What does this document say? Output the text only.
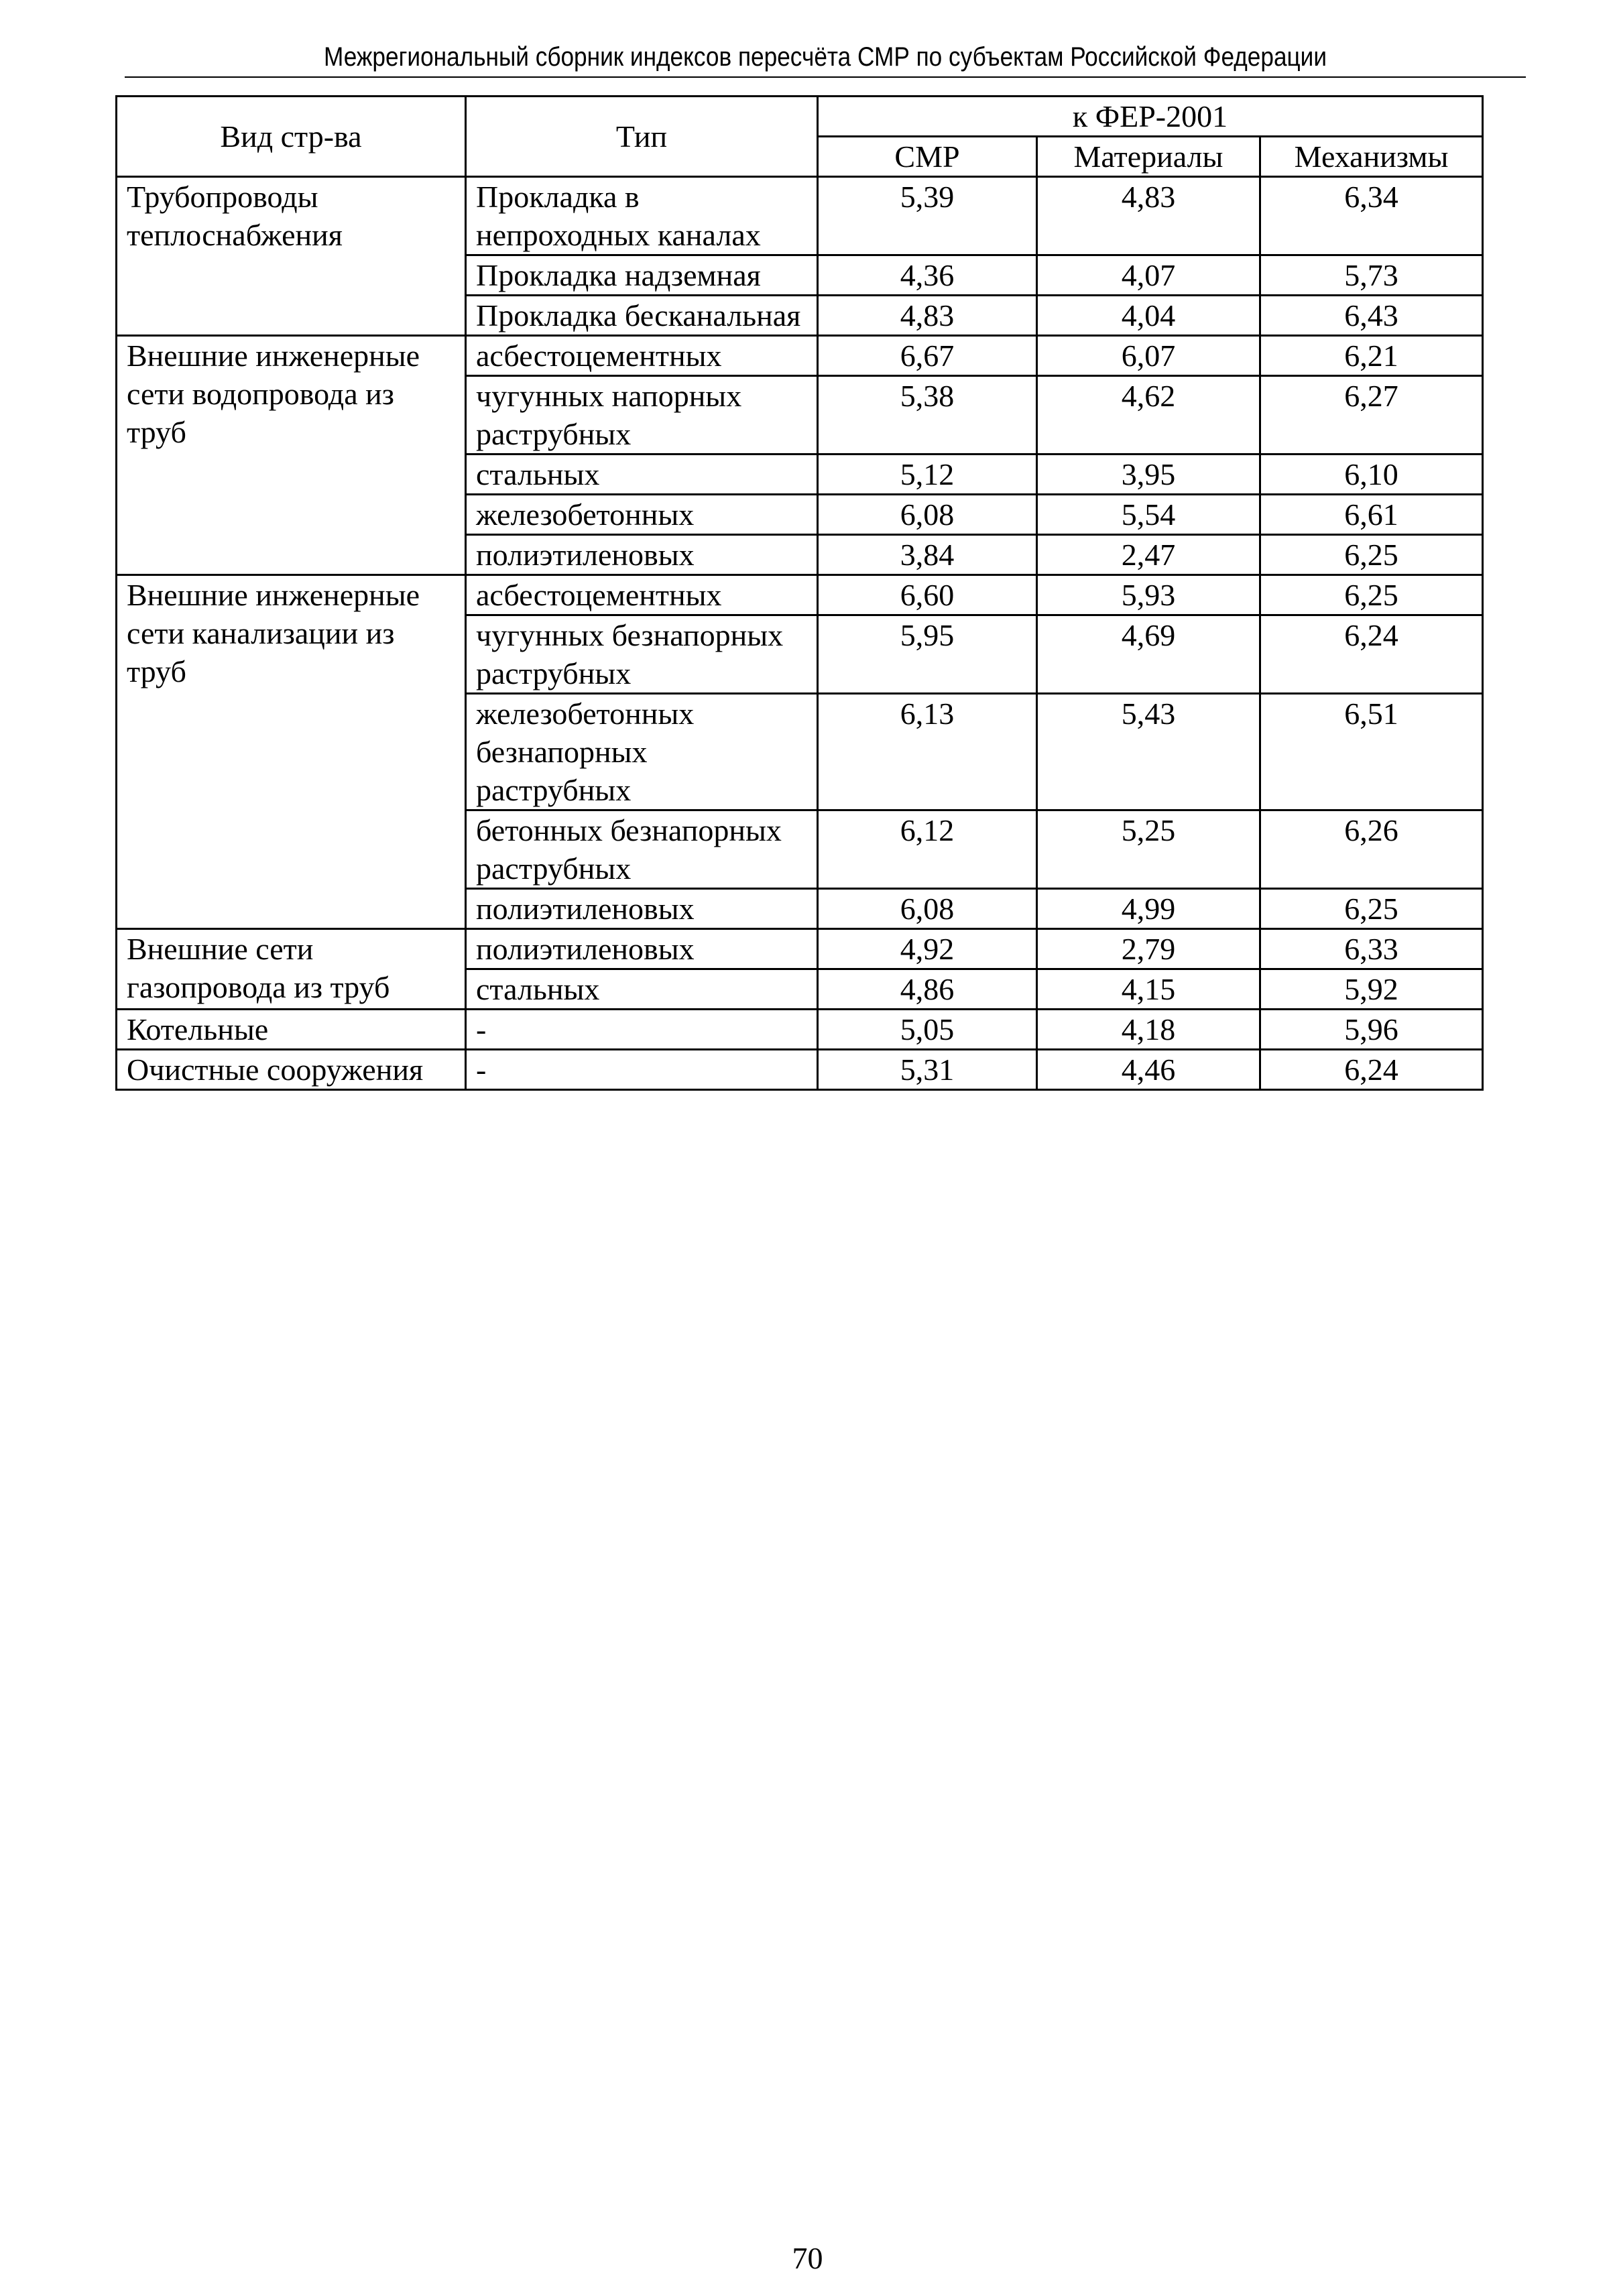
Межрегиональный сборник индексов пересчёта СМР по субъектам Российской Федерации
Вид стр-ва	Тип	к ФЕР-2001		
		СМР	Материалы	Механизмы
Трубопроводы теплоснабжения	Прокладка в непроходных каналах	5,39	4,83	6,34
	Прокладка надземная	4,36	4,07	5,73
	Прокладка бесканальная	4,83	4,04	6,43
Внешние инженерные сети водопровода из труб	асбестоцементных	6,67	6,07	6,21
	чугунных напорных раструбных	5,38	4,62	6,27
	стальных	5,12	3,95	6,10
	железобетонных	6,08	5,54	6,61
	полиэтиленовых	3,84	2,47	6,25
Внешние инженерные сети канализации из труб	асбестоцементных	6,60	5,93	6,25
	чугунных безнапорных раструбных	5,95	4,69	6,24
	железобетонных безнапорных раструбных	6,13	5,43	6,51
	бетонных безнапорных раструбных	6,12	5,25	6,26
	полиэтиленовых	6,08	4,99	6,25
Внешние сети газопровода из труб	полиэтиленовых	4,92	2,79	6,33
	стальных	4,86	4,15	5,92
Котельные	-	5,05	4,18	5,96
Очистные сооружения	-	5,31	4,46	6,24
70
